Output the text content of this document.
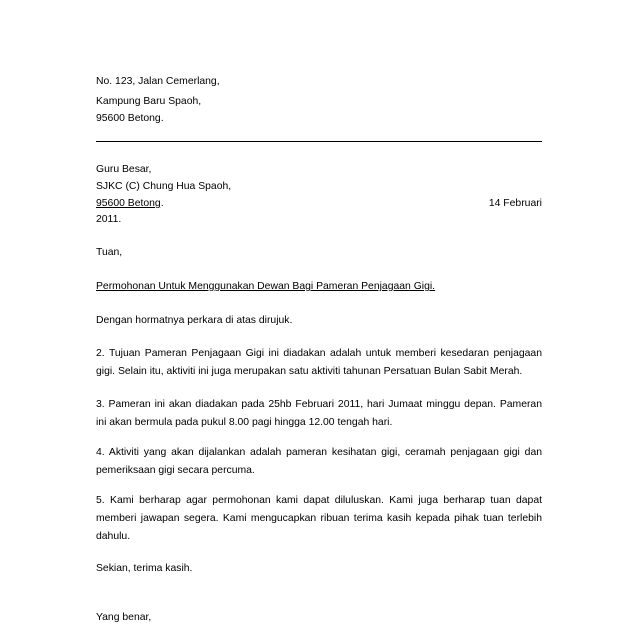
No. 123, Jalan Cemerlang,
Kampung Baru Spaoh,
95600 Betong.
Guru Besar,
SJKC (C) Chung Hua Spaoh,
95600 Betong.	14 Februari
2011.
Tuan,
Permohonan Untuk Menggunakan Dewan Bagi Pameran Penjagaan Gigi.
Dengan hormatnya perkara di atas dirujuk.
2. Tujuan Pameran Penjagaan Gigi ini diadakan adalah untuk memberi kesedaran penjagaan gigi. Selain itu, aktiviti ini juga merupakan satu aktiviti tahunan Persatuan Bulan Sabit Merah.
3. Pameran ini akan diadakan pada 25hb Februari 2011, hari Jumaat minggu depan. Pameran ini akan bermula pada pukul 8.00 pagi hingga 12.00 tengah hari.
4. Aktiviti yang akan dijalankan adalah pameran kesihatan gigi, ceramah penjagaan gigi dan pemeriksaan gigi secara percuma.
5. Kami berharap agar permohonan kami dapat diluluskan. Kami juga berharap tuan dapat memberi jawapan segera. Kami mengucapkan ribuan terima kasih kepada pihak tuan terlebih dahulu.
Sekian, terima kasih.
Yang benar,
